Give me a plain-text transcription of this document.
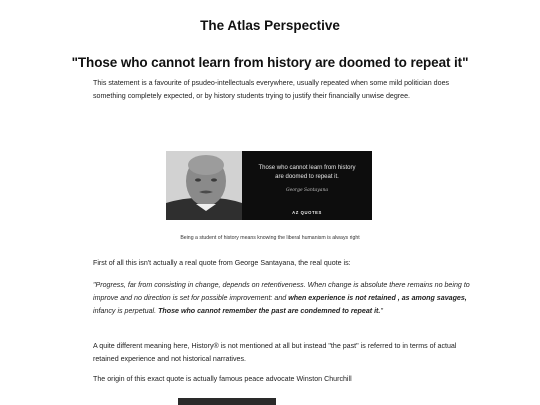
The Atlas Perspective
"Those who cannot learn from history are doomed to repeat it"

This statement is a favourite of psudeo-intellectuals everywhere, usually repeated when some mild politician does something completely expected, or by history students trying to justify their financially unwise degree.

Those who cannot learn from history
are doomed to repeat it.
George Santayana
AZ QUOTES

Being a student of history means knowing the liberal humanism is always right

First of all this isn't actually a real quote from George Santayana, the real quote is:

"Progress, far from consisting in change, depends on retentiveness. When change is absolute there remains no being to improve and no direction is set for possible improvement: and when experience is not retained , as among savages, infancy is perpetual. Those who cannot remember the past are condemned to repeat it."

A quite different meaning here, History® is not mentioned at all but instead "the past" is referred to in terms of actual retained experience and not historical narratives.

The origin of this exact quote is actually famous peace advocate Winston Churchill
